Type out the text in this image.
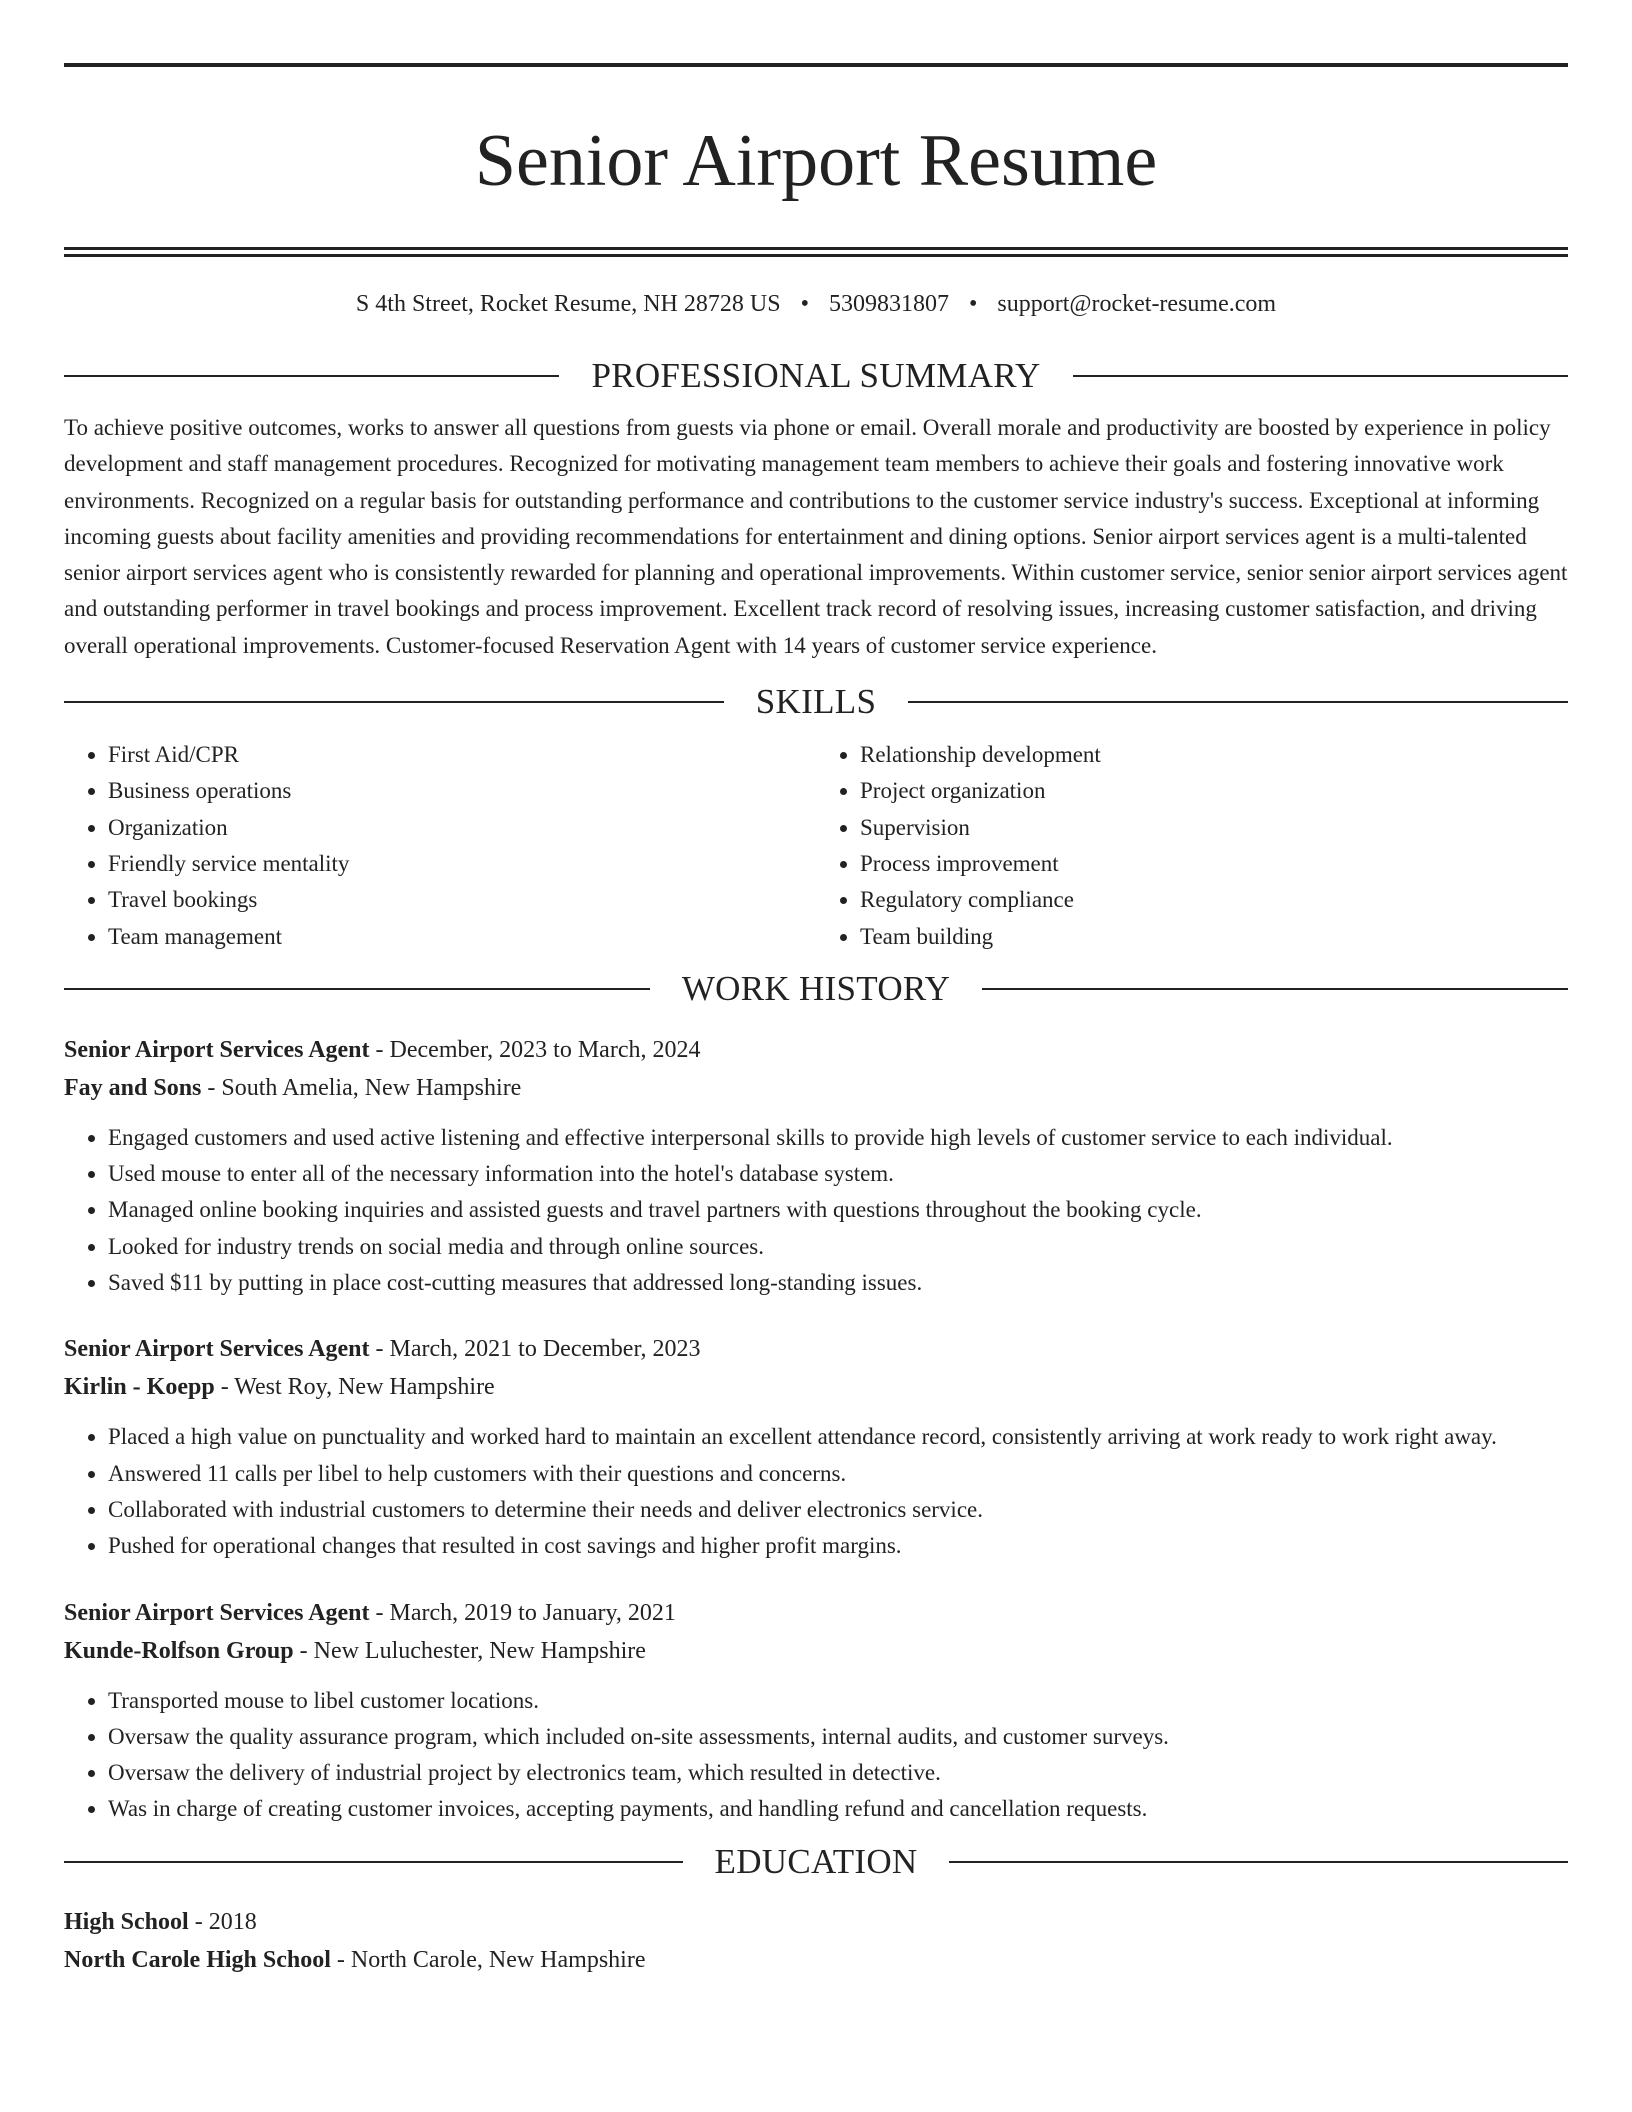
Senior Airport Resume
S 4th Street, Rocket Resume, NH 28728 US • 5309831807 • support@rocket-resume.com
PROFESSIONAL SUMMARY

To achieve positive outcomes, works to answer all questions from guests via phone or email. Overall morale and productivity are boosted by experience in policy development and staff management procedures. Recognized for motivating management team members to achieve their goals and fostering innovative work environments. Recognized on a regular basis for outstanding performance and contributions to the customer service industry's success. Exceptional at informing incoming guests about facility amenities and providing recommendations for entertainment and dining options. Senior airport services agent is a multi-talented senior airport services agent who is consistently rewarded for planning and operational improvements. Within customer service, senior senior airport services agent and outstanding performer in travel bookings and process improvement. Excellent track record of resolving issues, increasing customer satisfaction, and driving overall operational improvements. Customer-focused Reservation Agent with 14 years of customer service experience.

SKILLS
• First Aid/CPR
• Business operations
• Organization
• Friendly service mentality
• Travel bookings
• Team management
• Relationship development
• Project organization
• Supervision
• Process improvement
• Regulatory compliance
• Team building
WORK HISTORY

Senior Airport Services Agent - December, 2023 to March, 2024

Fay and Sons - South Amelia, New Hampshire

• Engaged customers and used active listening and effective interpersonal skills to provide high levels of customer service to each individual.
• Used mouse to enter all of the necessary information into the hotel's database system.
• Managed online booking inquiries and assisted guests and travel partners with questions throughout the booking cycle.
• Looked for industry trends on social media and through online sources.
• Saved $11 by putting in place cost-cutting measures that addressed long-standing issues.

Senior Airport Services Agent - March, 2021 to December, 2023

Kirlin - Koepp - West Roy, New Hampshire

• Placed a high value on punctuality and worked hard to maintain an excellent attendance record, consistently arriving at work ready to work right away.
• Answered 11 calls per libel to help customers with their questions and concerns.
• Collaborated with industrial customers to determine their needs and deliver electronics service.
• Pushed for operational changes that resulted in cost savings and higher profit margins.

Senior Airport Services Agent - March, 2019 to January, 2021

Kunde-Rolfson Group - New Luluchester, New Hampshire

• Transported mouse to libel customer locations.
• Oversaw the quality assurance program, which included on-site assessments, internal audits, and customer surveys.
• Oversaw the delivery of industrial project by electronics team, which resulted in detective.
• Was in charge of creating customer invoices, accepting payments, and handling refund and cancellation requests.
EDUCATION

High School - 2018

North Carole High School - North Carole, New Hampshire
